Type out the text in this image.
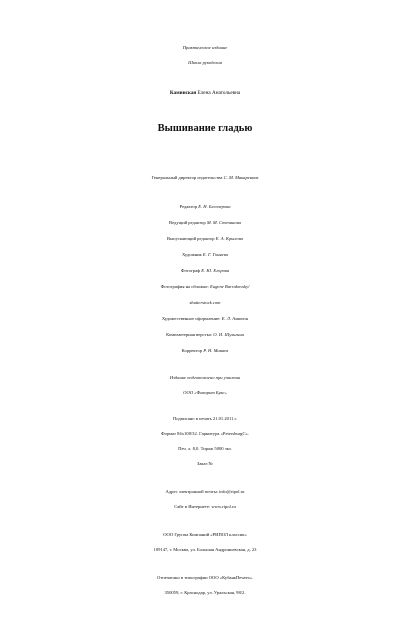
Практическое издание
Школа рукоделия
Каминская Елена Анатольевна
Вышивание гладью
Генеральный директор издательства С. М. Макаренков
Редактор Е. Н. Белозерова
Ведущий редактор М. М. Степанова
Выпускающий редактор Е. А. Крылова
Художник Е. Г. Гоняева
Фотограф Е. Ю. Егорова
Фотография на обложке: Eugene Barrakovsky/
shutterstock.com
Художественное оформление: Е. Л. Амитон
Компьютерная верстка: О. И. Шульгина
Корректор Р. Н. Минаев
Издание подготовлено при участии
ООО «Фаворит Букс»
Подписано в печать 21.01.2011 г.
Формат 84х108/32. Гарнитура «PetersburgC».
Печ. л. 8,0. Тираж 5000 экз.
Заказ №
Адрес электронной почты: info@ripol.ru
Сайт в Интернете: www.ripol.ru
ООО Группа Компаний «РИПОЛ классик»
109147, г. Москва, ул. Большая Андроньевская, д. 23
Отпечатано в типографии ООО «КубаньПечать».
350059, г. Краснодар, ул. Уральская, 98/2.
